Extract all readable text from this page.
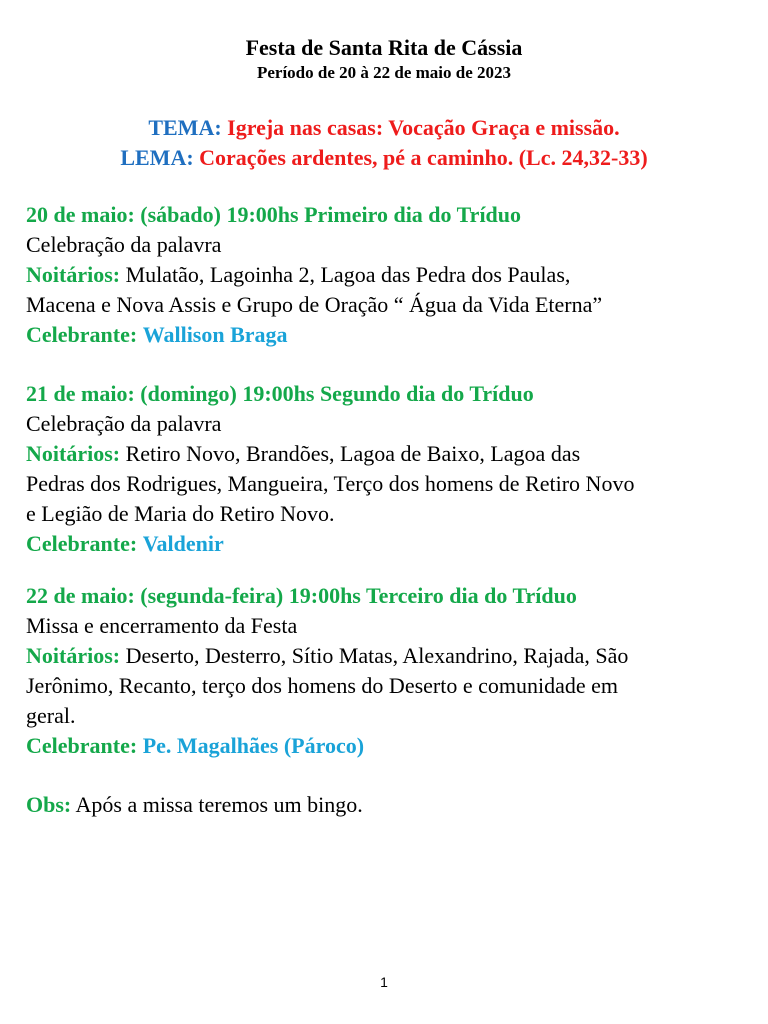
Festa de Santa Rita de Cássia

Período de 20 à 22 de maio de 2023

TEMA: Igreja nas casas: Vocação Graça e missão.

LEMA: Corações ardentes, pé a caminho. (Lc. 24,32-33)

20 de maio: (sábado) 19:00hs Primeiro dia do Tríduo

Celebração da palavra

Noitários: Mulatão, Lagoinha 2, Lagoa das Pedra dos Paulas,

Macena e Nova Assis e Grupo de Oração “ Água da Vida Eterna”

Celebrante: Wallison Braga

21 de maio: (domingo) 19:00hs Segundo dia do Tríduo

Celebração da palavra

Noitários: Retiro Novo, Brandões, Lagoa de Baixo, Lagoa das

Pedras dos Rodrigues, Mangueira, Terço dos homens de Retiro Novo

e Legião de Maria do Retiro Novo.

Celebrante: Valdenir

22 de maio: (segunda-feira) 19:00hs Terceiro dia do Tríduo

Missa e encerramento da Festa

Noitários: Deserto, Desterro, Sítio Matas, Alexandrino, Rajada, São

Jerônimo, Recanto, terço dos homens do Deserto e comunidade em

geral.

Celebrante: Pe. Magalhães (Pároco)

Obs: Após a missa teremos um bingo.

1
